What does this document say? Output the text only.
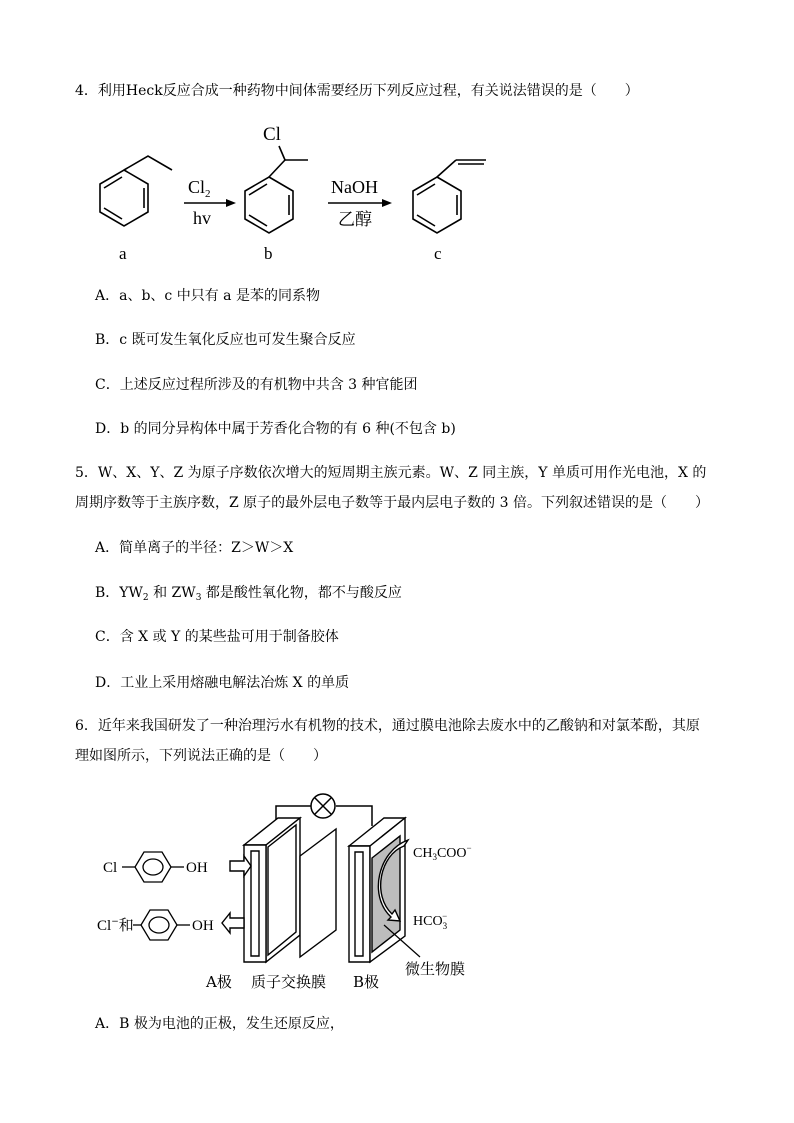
4．利用Heck反应合成一种药物中间体需要经历下列反应过程，有关说法错误的是（　　）
a
$Cl_2$
hv
Cl
b
NaOH
乙醇
c
A．a、b、c 中只有 a 是苯的同系物
B．c 既可发生氧化反应也可发生聚合反应
C．上述反应过程所涉及的有机物中共含 3 种官能团
D．b 的同分异构体中属于芳香化合物的有 6 种(不包含 b)
5．W、X、Y、Z 为原子序数依次增大的短周期主族元素。W、Z 同主族，Y 单质可用作光电池，X 的
周期序数等于主族序数，Z 原子的最外层电子数等于最内层电子数的 3 倍。下列叙述错误的是（　　）
A．简单离子的半径：Z＞W＞X
B．$YW_2$ 和 $ZW_3$ 都是酸性氧化物，都不与酸反应
C．含 X 或 Y 的某些盐可用于制备胶体
D．工业上采用熔融电解法冶炼 X 的单质
6．近年来我国研发了一种治理污水有机物的技术，通过膜电池除去废水中的乙酸钠和对氯苯酚，其原
理如图所示，下列说法正确的是（　　）
Cl	OH
Cl−和	OH
$CH_3COO^-$
$HCO_3-$
A极 质子交换膜 B极
微生物膜
A．B 极为电池的正极，发生还原反应，
